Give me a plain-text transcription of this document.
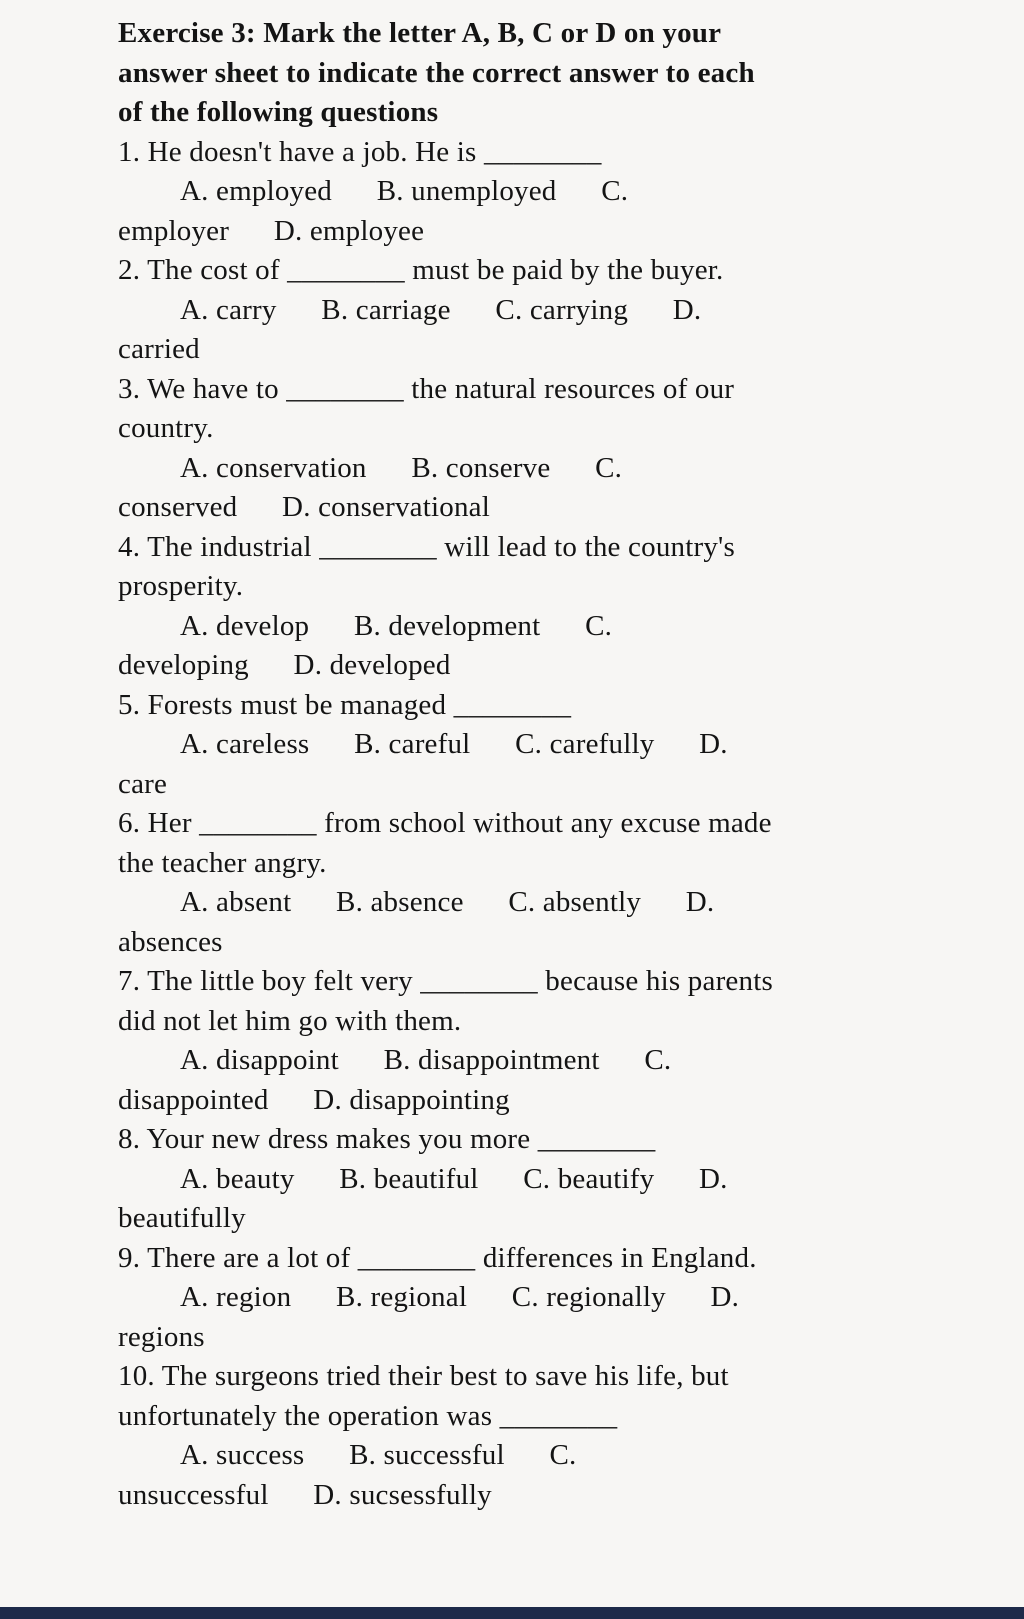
Exercise 3: Mark the letter A, B, C or D on your
answer sheet to indicate the correct answer to each
of the following questions
1. He doesn't have a job. He is ________
A. employed      B. unemployed      C.
employer      D. employee
2. The cost of ________ must be paid by the buyer.
A. carry      B. carriage      C. carrying      D.
carried
3. We have to ________ the natural resources of our
country.
A. conservation      B. conserve      C.
conserved      D. conservational
4. The industrial ________ will lead to the country's
prosperity.
A. develop      B. development      C.
developing      D. developed
5. Forests must be managed ________
A. careless      B. careful      C. carefully      D.
care
6. Her ________ from school without any excuse made
the teacher angry.
A. absent      B. absence      C. absently      D.
absences
7. The little boy felt very ________ because his parents
did not let him go with them.
A. disappoint      B. disappointment      C.
disappointed      D. disappointing
8. Your new dress makes you more ________
A. beauty      B. beautiful      C. beautify      D.
beautifully
9. There are a lot of ________ differences in England.
A. region      B. regional      C. regionally      D.
regions
10. The surgeons tried their best to save his life, but
unfortunately the operation was ________
A. success      B. successful      C.
unsuccessful      D. sucsessfully
